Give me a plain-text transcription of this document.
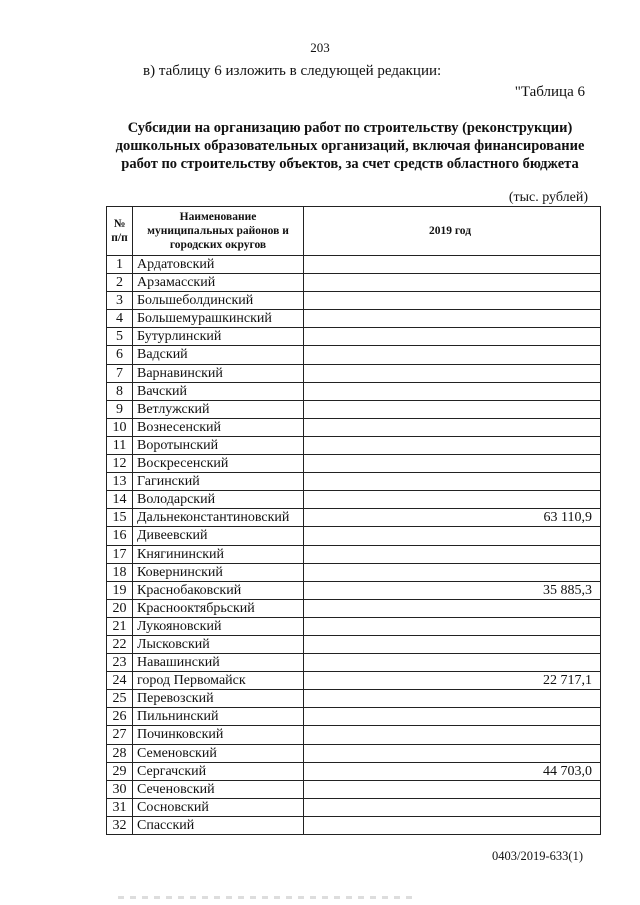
203
в) таблицу 6 изложить в следующей редакции:
"Таблица 6
Субсидии на организацию работ по строительству (реконструкции) дошкольных образовательных организаций, включая финансирование работ по строительству объектов, за счет средств областного бюджета
(тыс. рублей)
№ п/п	Наименование муниципальных районов и городских округов	2019 год
1	Ардатовский	
2	Арзамасский	
3	Большеболдинский	
4	Большемурашкинский	
5	Бутурлинский	
6	Вадский	
7	Варнавинский	
8	Вачский	
9	Ветлужский	
10	Вознесенский	
11	Воротынский	
12	Воскресенский	
13	Гагинский	
14	Володарский	
15	Дальнеконстантиновский	63 110,9
16	Дивеевский	
17	Княгининский	
18	Ковернинский	
19	Краснобаковский	35 885,3
20	Краснооктябрьский	
21	Лукояновский	
22	Лысковский	
23	Навашинский	
24	город Первомайск	22 717,1
25	Перевозский	
26	Пильнинский	
27	Починковский	
28	Семеновский	
29	Сергачский	44 703,0
30	Сеченовский	
31	Сосновский	
32	Спасский	
0403/2019-633(1)
